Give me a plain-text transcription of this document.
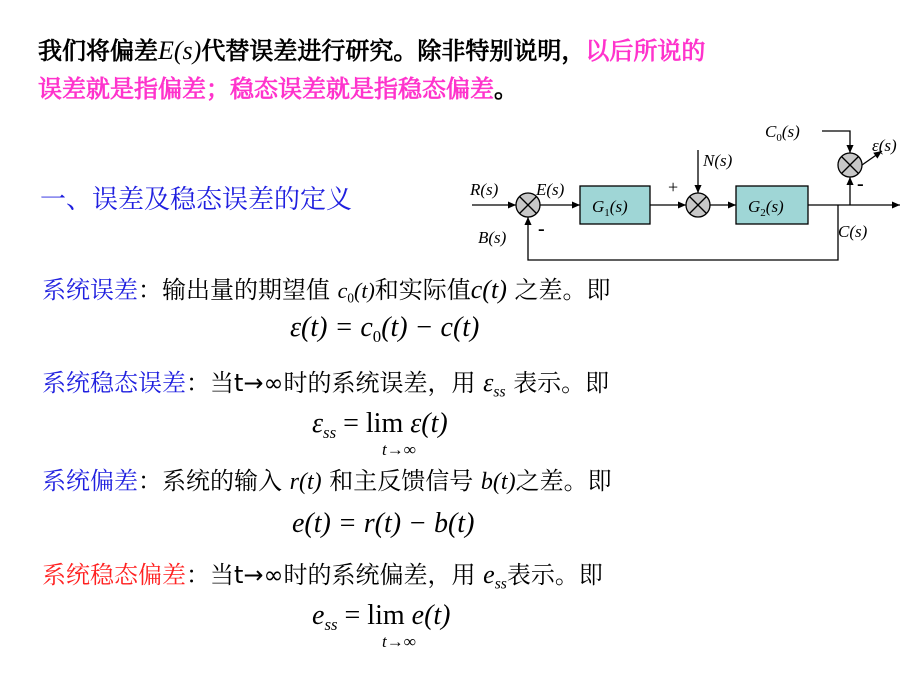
我们将偏差E(s)代替误差进行研究。除非特别说明，以后所说的
误差就是指偏差；稳态误差就是指稳态偏差。
一、误差及稳态误差的定义	R(s) E(s)
$G_1(s)$
+
N(s)
$G_2(s)$
C(s)
B(s) -
-
$C_0(s)$
ε(s)
系统误差：输出量的期望值 $c_0(t)$和实际值c(t) 之差。即
$\varepsilon(t) = c_0(t) - c(t)$
系统稳态误差：当t→∞时的系统误差，用 $\varepsilon_{ss}$ 表示。即
$\varepsilon_{ss} = \lim \varepsilon(t)$
t→∞
系统偏差：系统的输入 r(t) 和主反馈信号 b(t)之差。即
e(t) = r(t) − b(t)
系统稳态偏差：当t→∞时的系统偏差，用 $e_{ss}$表示。即
$e_{ss} = \lim e(t)$
t→∞
